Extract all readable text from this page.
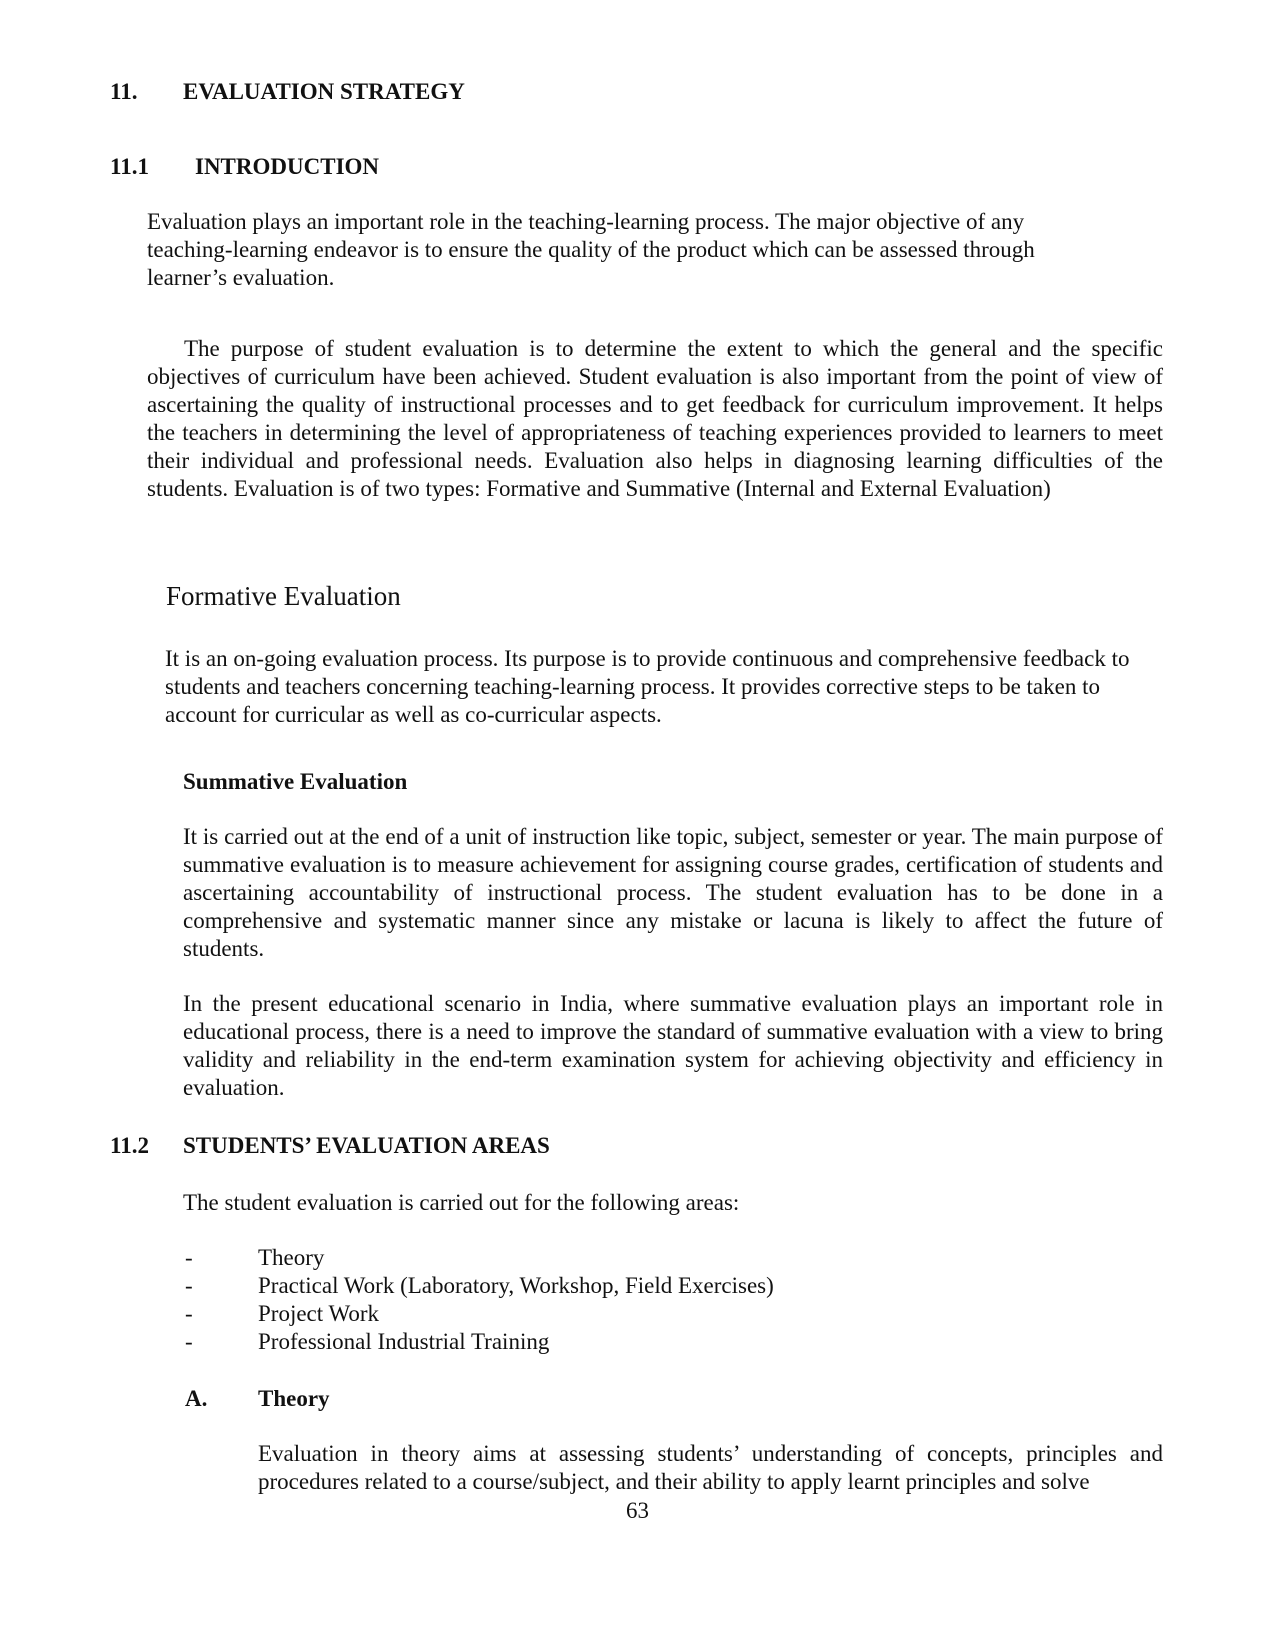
11. EVALUATION STRATEGY
11.1 INTRODUCTION

Evaluation plays an important role in the teaching-learning process. The major objective of any teaching-learning endeavor is to ensure the quality of the product which can be assessed through learner’s evaluation.

The purpose of student evaluation is to determine the extent to which the general and the specific objectives of curriculum have been achieved. Student evaluation is also important from the point of view of ascertaining the quality of instructional processes and to get feedback for curriculum improvement. It helps the teachers in determining the level of appropriateness of teaching experiences provided to learners to meet their individual and professional needs. Evaluation also helps in diagnosing learning difficulties of the students. Evaluation is of two types: Formative and Summative (Internal and External Evaluation)

Formative Evaluation

It is an on-going evaluation process. Its purpose is to provide continuous and comprehensive feedback to students and teachers concerning teaching-learning process. It provides corrective steps to be taken to account for curricular as well as co-curricular aspects.

Summative Evaluation

It is carried out at the end of a unit of instruction like topic, subject, semester or year. The main purpose of summative evaluation is to measure achievement for assigning course grades, certification of students and ascertaining accountability of instructional process. The student evaluation has to be done in a comprehensive and systematic manner since any mistake or lacuna is likely to affect the future of students.

In the present educational scenario in India, where summative evaluation plays an important role in educational process, there is a need to improve the standard of summative evaluation with a view to bring validity and reliability in the end-term examination system for achieving objectivity and efficiency in evaluation.

11.2 STUDENTS’ EVALUATION AREAS

The student evaluation is carried out for the following areas:

-	Theory
-	Practical Work (Laboratory, Workshop, Field Exercises)
-	Project Work
-	Professional Industrial Training
A. Theory

Evaluation in theory aims at assessing students’ understanding of concepts, principles and procedures related to a course/subject, and their ability to apply learnt principles and solve

63
